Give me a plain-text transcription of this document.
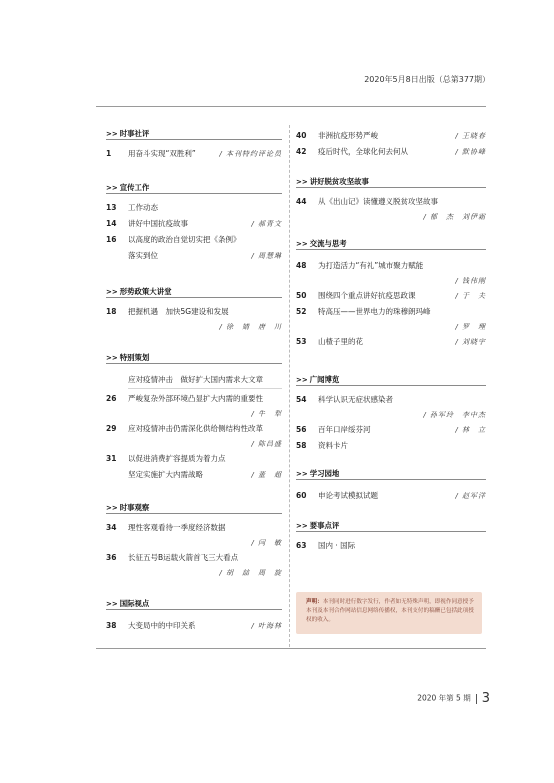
2020年5月8日出版（总第377期）
>> 时事社评
1 用奋斗实现“双胜利”	/ 本刊特约评论员
>> 宣传工作
13 工作动态
14 讲好中国抗疫故事	/ 郝青文
16 以高度的政治自觉切实把《条例》
落实到位	/ 周慧琳
>> 形势政策大讲堂
18 把握机遇　加快5G建设和发展
/ 徐　婧　唐　川
>> 特别策划
应对疫情冲击　做好扩大国内需求大文章
26 严峻复杂外部环境凸显扩大内需的重要性
/ 牛　犁
29 应对疫情冲击仍需深化供给侧结构性改革
/ 陈昌盛
31 以促进消费扩容提质为着力点
坚定实施扩大内需战略	/ 董　超
>> 时事观察
34 理性客观看待一季度经济数据
/ 闫　敏
36 长征五号B运载火箭首飞三大看点
/ 胡　喆　周　旋
>> 国际视点
38 大变局中的中印关系	/ 叶海林
40 非洲抗疫形势严峻	/ 王晓春
42 疫后时代，全球化何去何从	/ 默协峰
>> 讲好脱贫攻坚故事
44 从《出山记》读懂遵义脱贫攻坚故事
/ 郁　杰　刘伊霜
>> 交流与思考
48 为打造活力“有礼”城市聚力赋能
/ 钱伟刚
50 围绕四个重点讲好抗疫思政课	/ 于　夫
52 特高压——世界电力的珠穆朗玛峰
/ 罗　理
53 山楂子里的花	/ 刘晓宇
>> 广闻博览
54 科学认识无症状感染者
/ 孙军玲　李中杰
56 百年口岸绥芬河	/ 林　立
58 资料卡片
>> 学习园地
60 申论考试模拟试题	/ 赵军洋
>> 要事点评
63 国内 · 国际
声明：本刊同时进行数字发行，作者如无特殊声明，即视作同意授予本刊及本刊合作网站信息网络传播权，本刊支付的稿酬已包括此项授权的收入。
2020 年第 5 期 3
